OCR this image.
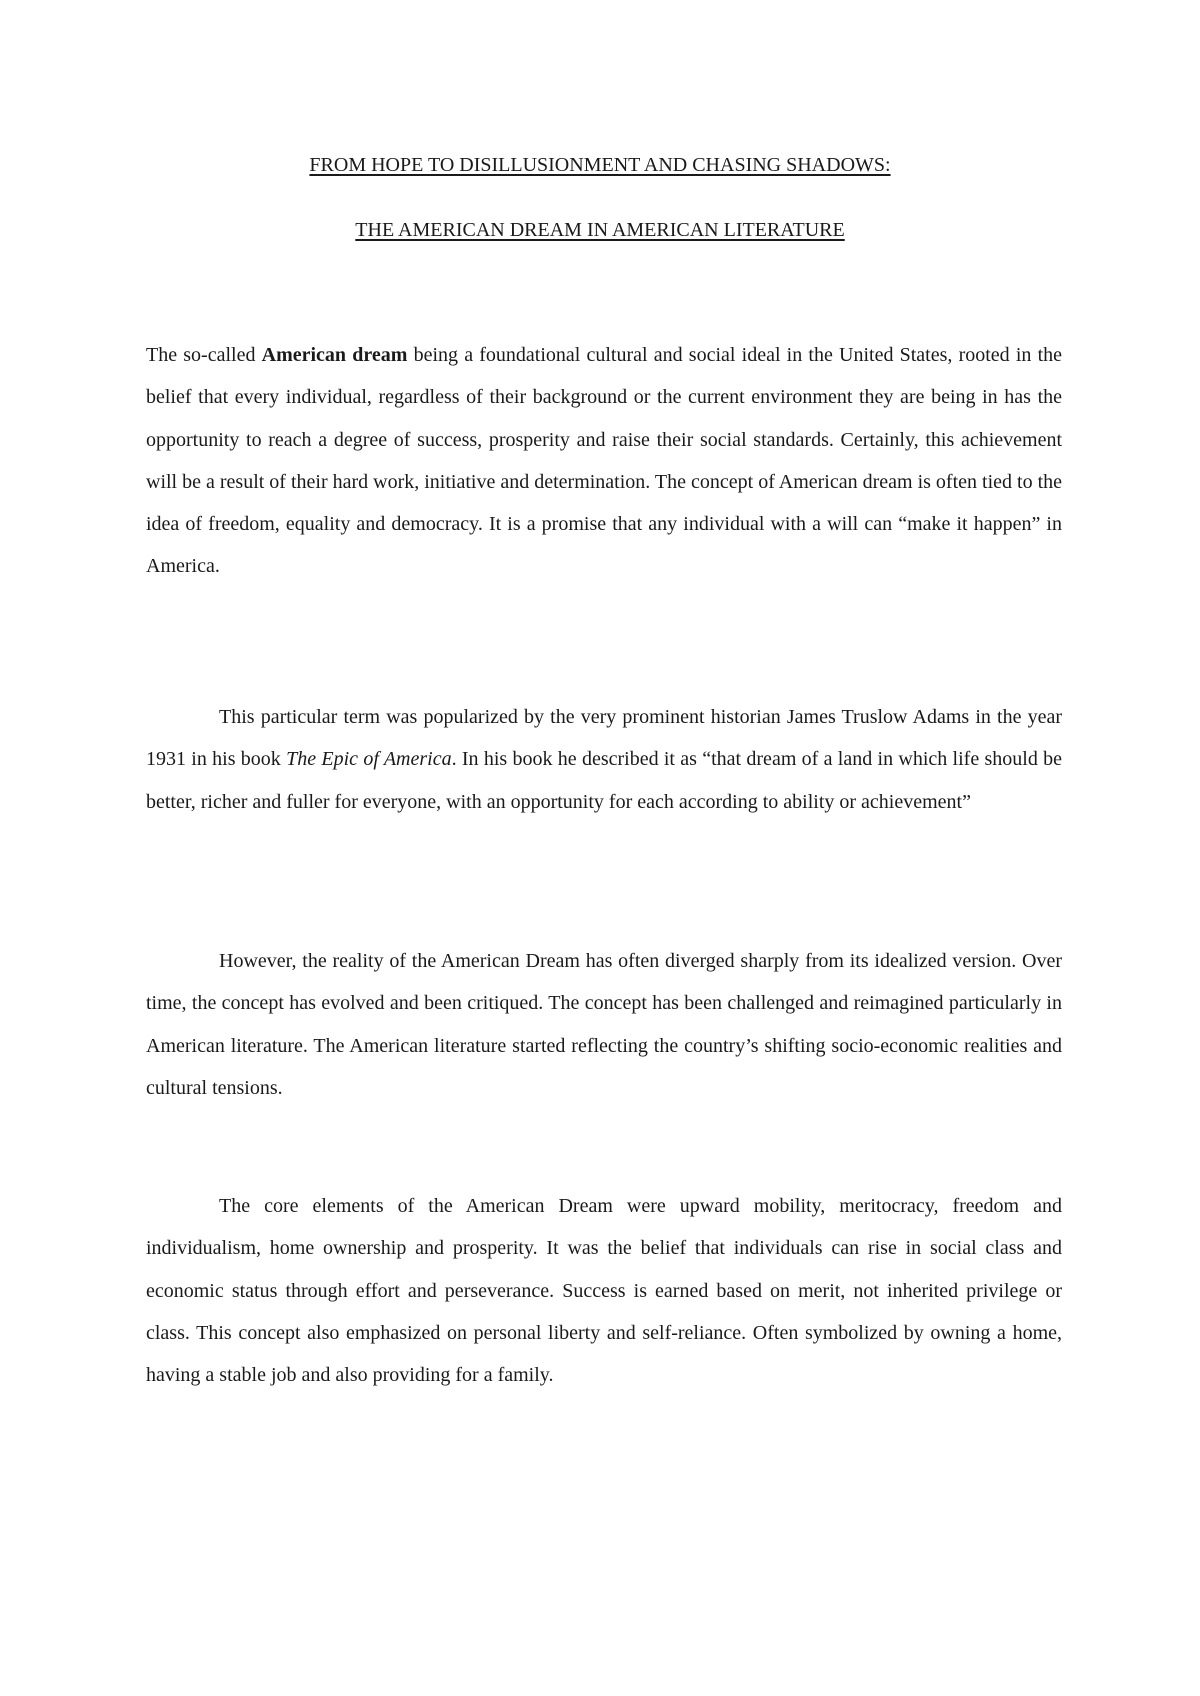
FROM HOPE TO DISILLUSIONMENT AND CHASING SHADOWS:
THE AMERICAN DREAM IN AMERICAN LITERATURE

The so-called American dream being a foundational cultural and social ideal in the United States, rooted in the belief that every individual, regardless of their background or the current environment they are being in has the opportunity to reach a degree of success, prosperity and raise their social standards. Certainly, this achievement will be a result of their hard work, initiative and determination. The concept of American dream is often tied to the idea of freedom, equality and democracy. It is a promise that any individual with a will can “make it happen” in America.

This particular term was popularized by the very prominent historian James Truslow Adams in the year 1931 in his book The Epic of America. In his book he described it as “that dream of a land in which life should be better, richer and fuller for everyone, with an opportunity for each according to ability or achievement”

However, the reality of the American Dream has often diverged sharply from its idealized version. Over time, the concept has evolved and been critiqued. The concept has been challenged and reimagined particularly in American literature. The American literature started reflecting the country’s shifting socio-economic realities and cultural tensions.

The core elements of the American Dream were upward mobility, meritocracy, freedom and individualism, home ownership and prosperity. It was the belief that individuals can rise in social class and economic status through effort and perseverance. Success is earned based on merit, not inherited privilege or class. This concept also emphasized on personal liberty and self-reliance. Often symbolized by owning a home, having a stable job and also providing for a family.
